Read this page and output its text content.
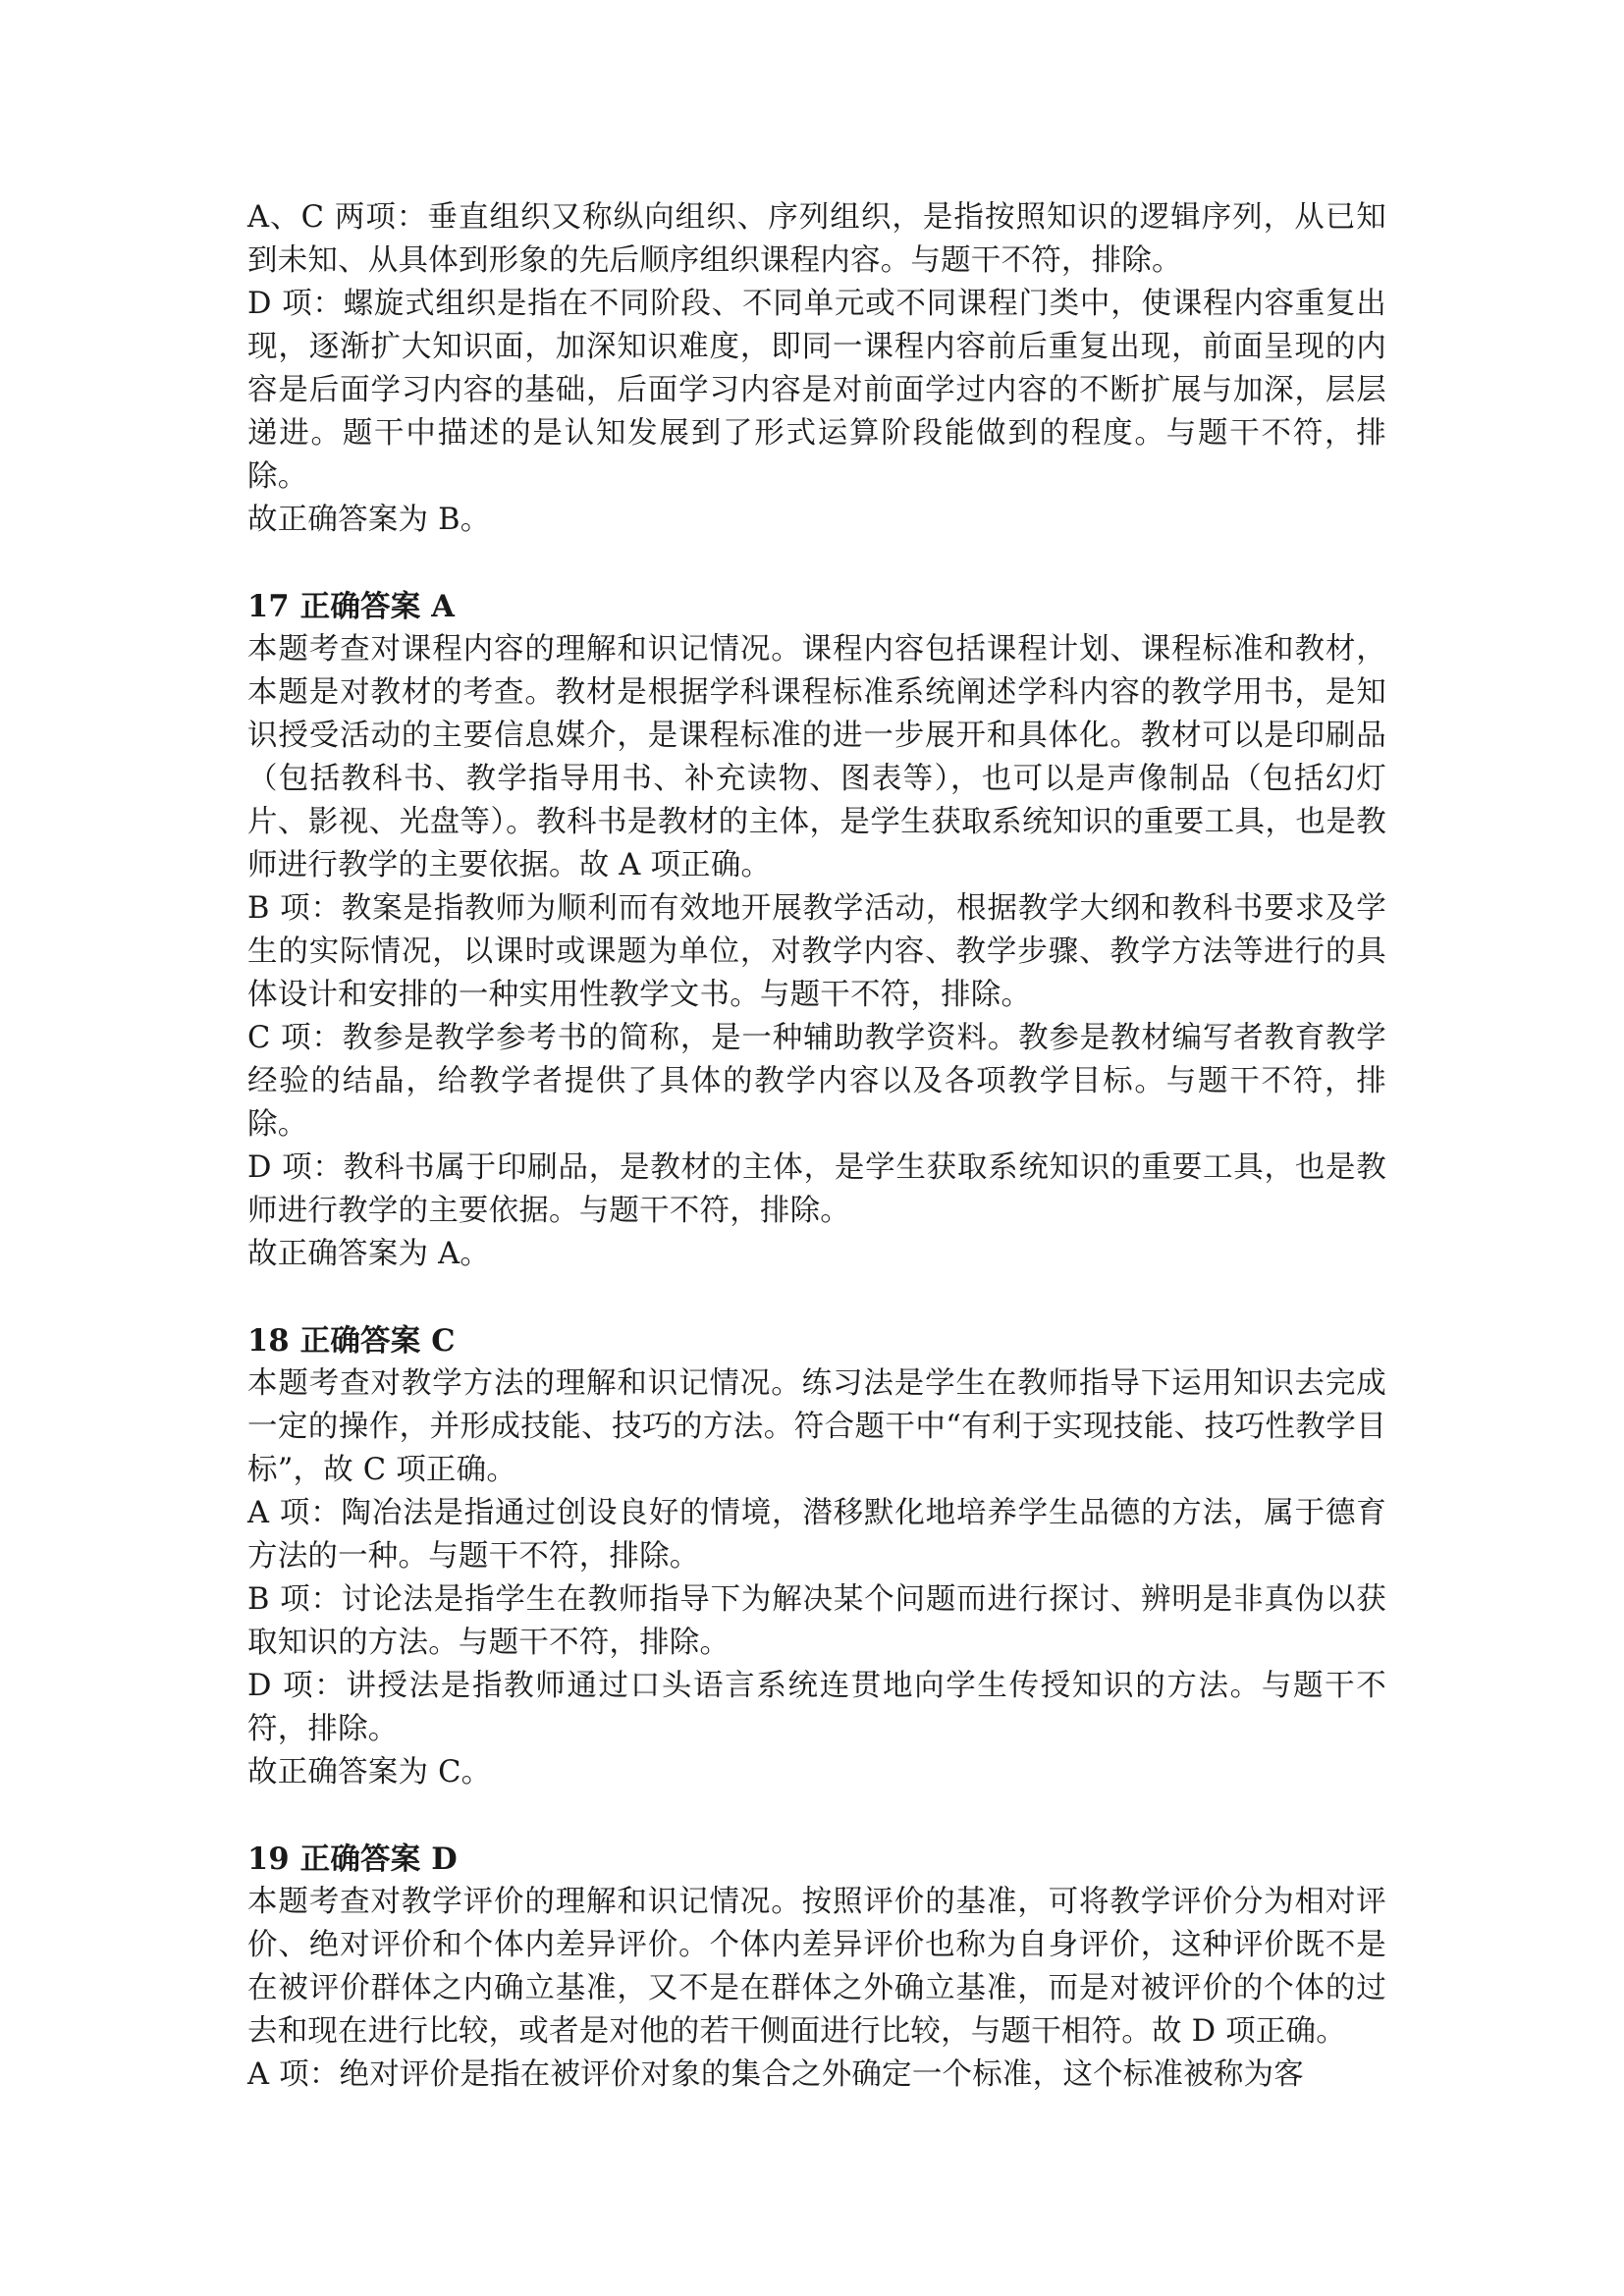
A、C 两项：垂直组织又称纵向组织、序列组织，是指按照知识的逻辑序列，从已知到未知、从具体到形象的先后顺序组织课程内容。与题干不符，排除。

D 项：螺旋式组织是指在不同阶段、不同单元或不同课程门类中，使课程内容重复出现，逐渐扩大知识面，加深知识难度，即同一课程内容前后重复出现，前面呈现的内容是后面学习内容的基础，后面学习内容是对前面学过内容的不断扩展与加深，层层递进。题干中描述的是认知发展到了形式运算阶段能做到的程度。与题干不符，排除。

故正确答案为 B。

17 正确答案 A

本题考查对课程内容的理解和识记情况。课程内容包括课程计划、课程标准和教材，本题是对教材的考查。教材是根据学科课程标准系统阐述学科内容的教学用书，是知识授受活动的主要信息媒介，是课程标准的进一步展开和具体化。教材可以是印刷品（包括教科书、教学指导用书、补充读物、图表等），也可以是声像制品（包括幻灯片、影视、光盘等）。教科书是教材的主体，是学生获取系统知识的重要工具，也是教师进行教学的主要依据。故 A 项正确。

B 项：教案是指教师为顺利而有效地开展教学活动，根据教学大纲和教科书要求及学生的实际情况，以课时或课题为单位，对教学内容、教学步骤、教学方法等进行的具体设计和安排的一种实用性教学文书。与题干不符，排除。

C 项：教参是教学参考书的简称，是一种辅助教学资料。教参是教材编写者教育教学经验的结晶，给教学者提供了具体的教学内容以及各项教学目标。与题干不符，排除。

D 项：教科书属于印刷品，是教材的主体，是学生获取系统知识的重要工具，也是教师进行教学的主要依据。与题干不符，排除。

故正确答案为 A。

18 正确答案 C

本题考查对教学方法的理解和识记情况。练习法是学生在教师指导下运用知识去完成一定的操作，并形成技能、技巧的方法。符合题干中“有利于实现技能、技巧性教学目标”，故 C 项正确。

A 项：陶冶法是指通过创设良好的情境，潜移默化地培养学生品德的方法，属于德育方法的一种。与题干不符，排除。

B 项：讨论法是指学生在教师指导下为解决某个问题而进行探讨、辨明是非真伪以获取知识的方法。与题干不符，排除。

D 项：讲授法是指教师通过口头语言系统连贯地向学生传授知识的方法。与题干不符，排除。

故正确答案为 C。

19 正确答案 D

本题考查对教学评价的理解和识记情况。按照评价的基准，可将教学评价分为相对评价、绝对评价和个体内差异评价。个体内差异评价也称为自身评价，这种评价既不是在被评价群体之内确立基准，又不是在群体之外确立基准，而是对被评价的个体的过去和现在进行比较，或者是对他的若干侧面进行比较，与题干相符。故 D 项正确。

A 项：绝对评价是指在被评价对象的集合之外确定一个标准，这个标准被称为客
